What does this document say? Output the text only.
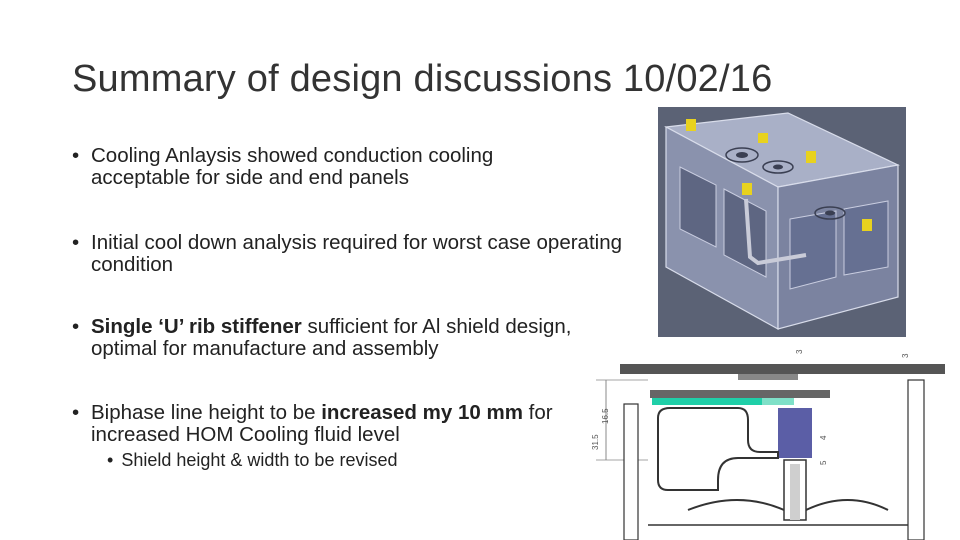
Summary of design discussions 10/02/16
• Cooling Anlaysis showed conduction cooling acceptable for side and end panels
• Initial cool down analysis required for worst case operating condition
• Single ‘U’ rib stiffener sufficient for Al shield design, optimal for manufacture and assembly
• Biphase line height to be increased my 10 mm for increased HOM Cooling fluid level
• Shield height & width to be revised
31.5
16.5
4
5
3
3
